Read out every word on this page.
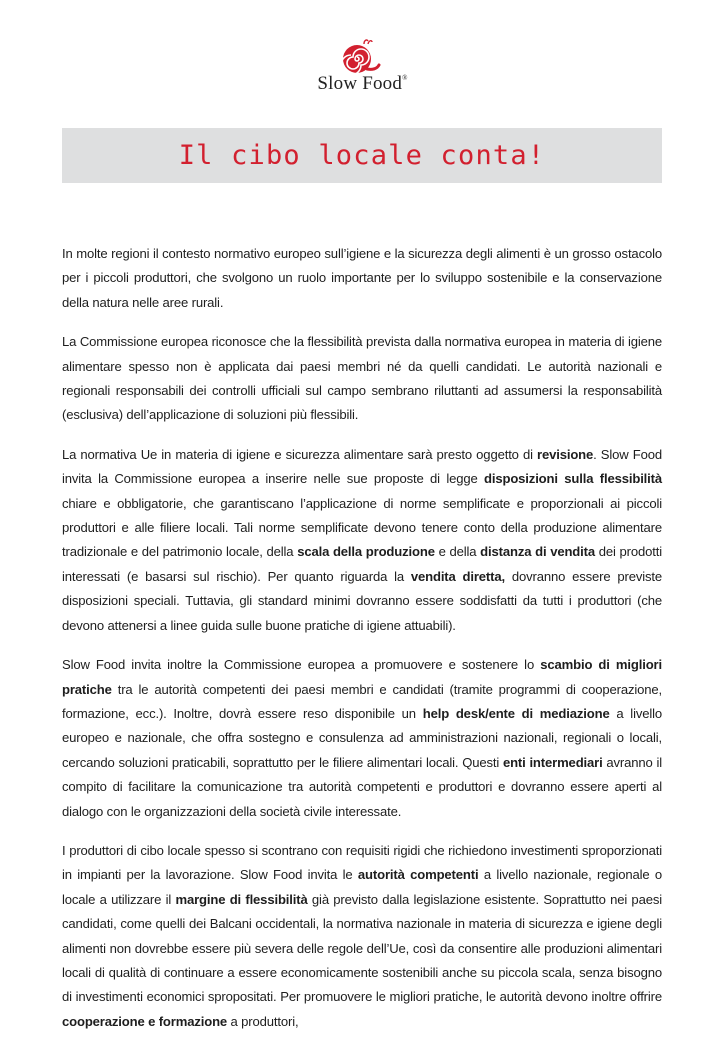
Slow Food®
Il cibo locale conta!

In molte regioni il contesto normativo europeo sull’igiene e la sicurezza degli alimenti è un grosso ostacolo per i piccoli produttori, che svolgono un ruolo importante per lo sviluppo sostenibile e la conservazione della natura nelle aree rurali.

La Commissione europea riconosce che la flessibilità prevista dalla normativa europea in materia di igiene alimentare spesso non è applicata dai paesi membri né da quelli candidati. Le autorità nazionali e regionali responsabili dei controlli ufficiali sul campo sembrano riluttanti ad assumersi la responsabilità (esclusiva) dell’applicazione di soluzioni più flessibili.

La normativa Ue in materia di igiene e sicurezza alimentare sarà presto oggetto di revisione. Slow Food invita la Commissione europea a inserire nelle sue proposte di legge disposizioni sulla flessibilità chiare e obbligatorie, che garantiscano l’applicazione di norme semplificate e proporzionali ai piccoli produttori e alle filiere locali. Tali norme semplificate devono tenere conto della produzione alimentare tradizionale e del patrimonio locale, della scala della produzione e della distanza di vendita dei prodotti interessati (e basarsi sul rischio). Per quanto riguarda la vendita diretta, dovranno essere previste disposizioni speciali. Tuttavia, gli standard minimi dovranno essere soddisfatti da tutti i produttori (che devono attenersi a linee guida sulle buone pratiche di igiene attuabili).

Slow Food invita inoltre la Commissione europea a promuovere e sostenere lo scambio di migliori pratiche tra le autorità competenti dei paesi membri e candidati (tramite programmi di cooperazione, formazione, ecc.). Inoltre, dovrà essere reso disponibile un help desk/ente di mediazione a livello europeo e nazionale, che offra sostegno e consulenza ad amministrazioni nazionali, regionali o locali, cercando soluzioni praticabili, soprattutto per le filiere alimentari locali. Questi enti intermediari avranno il compito di facilitare la comunicazione tra autorità competenti e produttori e dovranno essere aperti al dialogo con le organizzazioni della società civile interessate.

I produttori di cibo locale spesso si scontrano con requisiti rigidi che richiedono investimenti sproporzionati in impianti per la lavorazione. Slow Food invita le autorità competenti a livello nazionale, regionale o locale a utilizzare il margine di flessibilità già previsto dalla legislazione esistente. Soprattutto nei paesi candidati, come quelli dei Balcani occidentali, la normativa nazionale in materia di sicurezza e igiene degli alimenti non dovrebbe essere più severa delle regole dell’Ue, così da consentire alle produzioni alimentari locali di qualità di continuare a essere economicamente sostenibili anche su piccola scala, senza bisogno di investimenti economici spropositati. Per promuovere le migliori pratiche, le autorità devono inoltre offrire cooperazione e formazione a produttori,
